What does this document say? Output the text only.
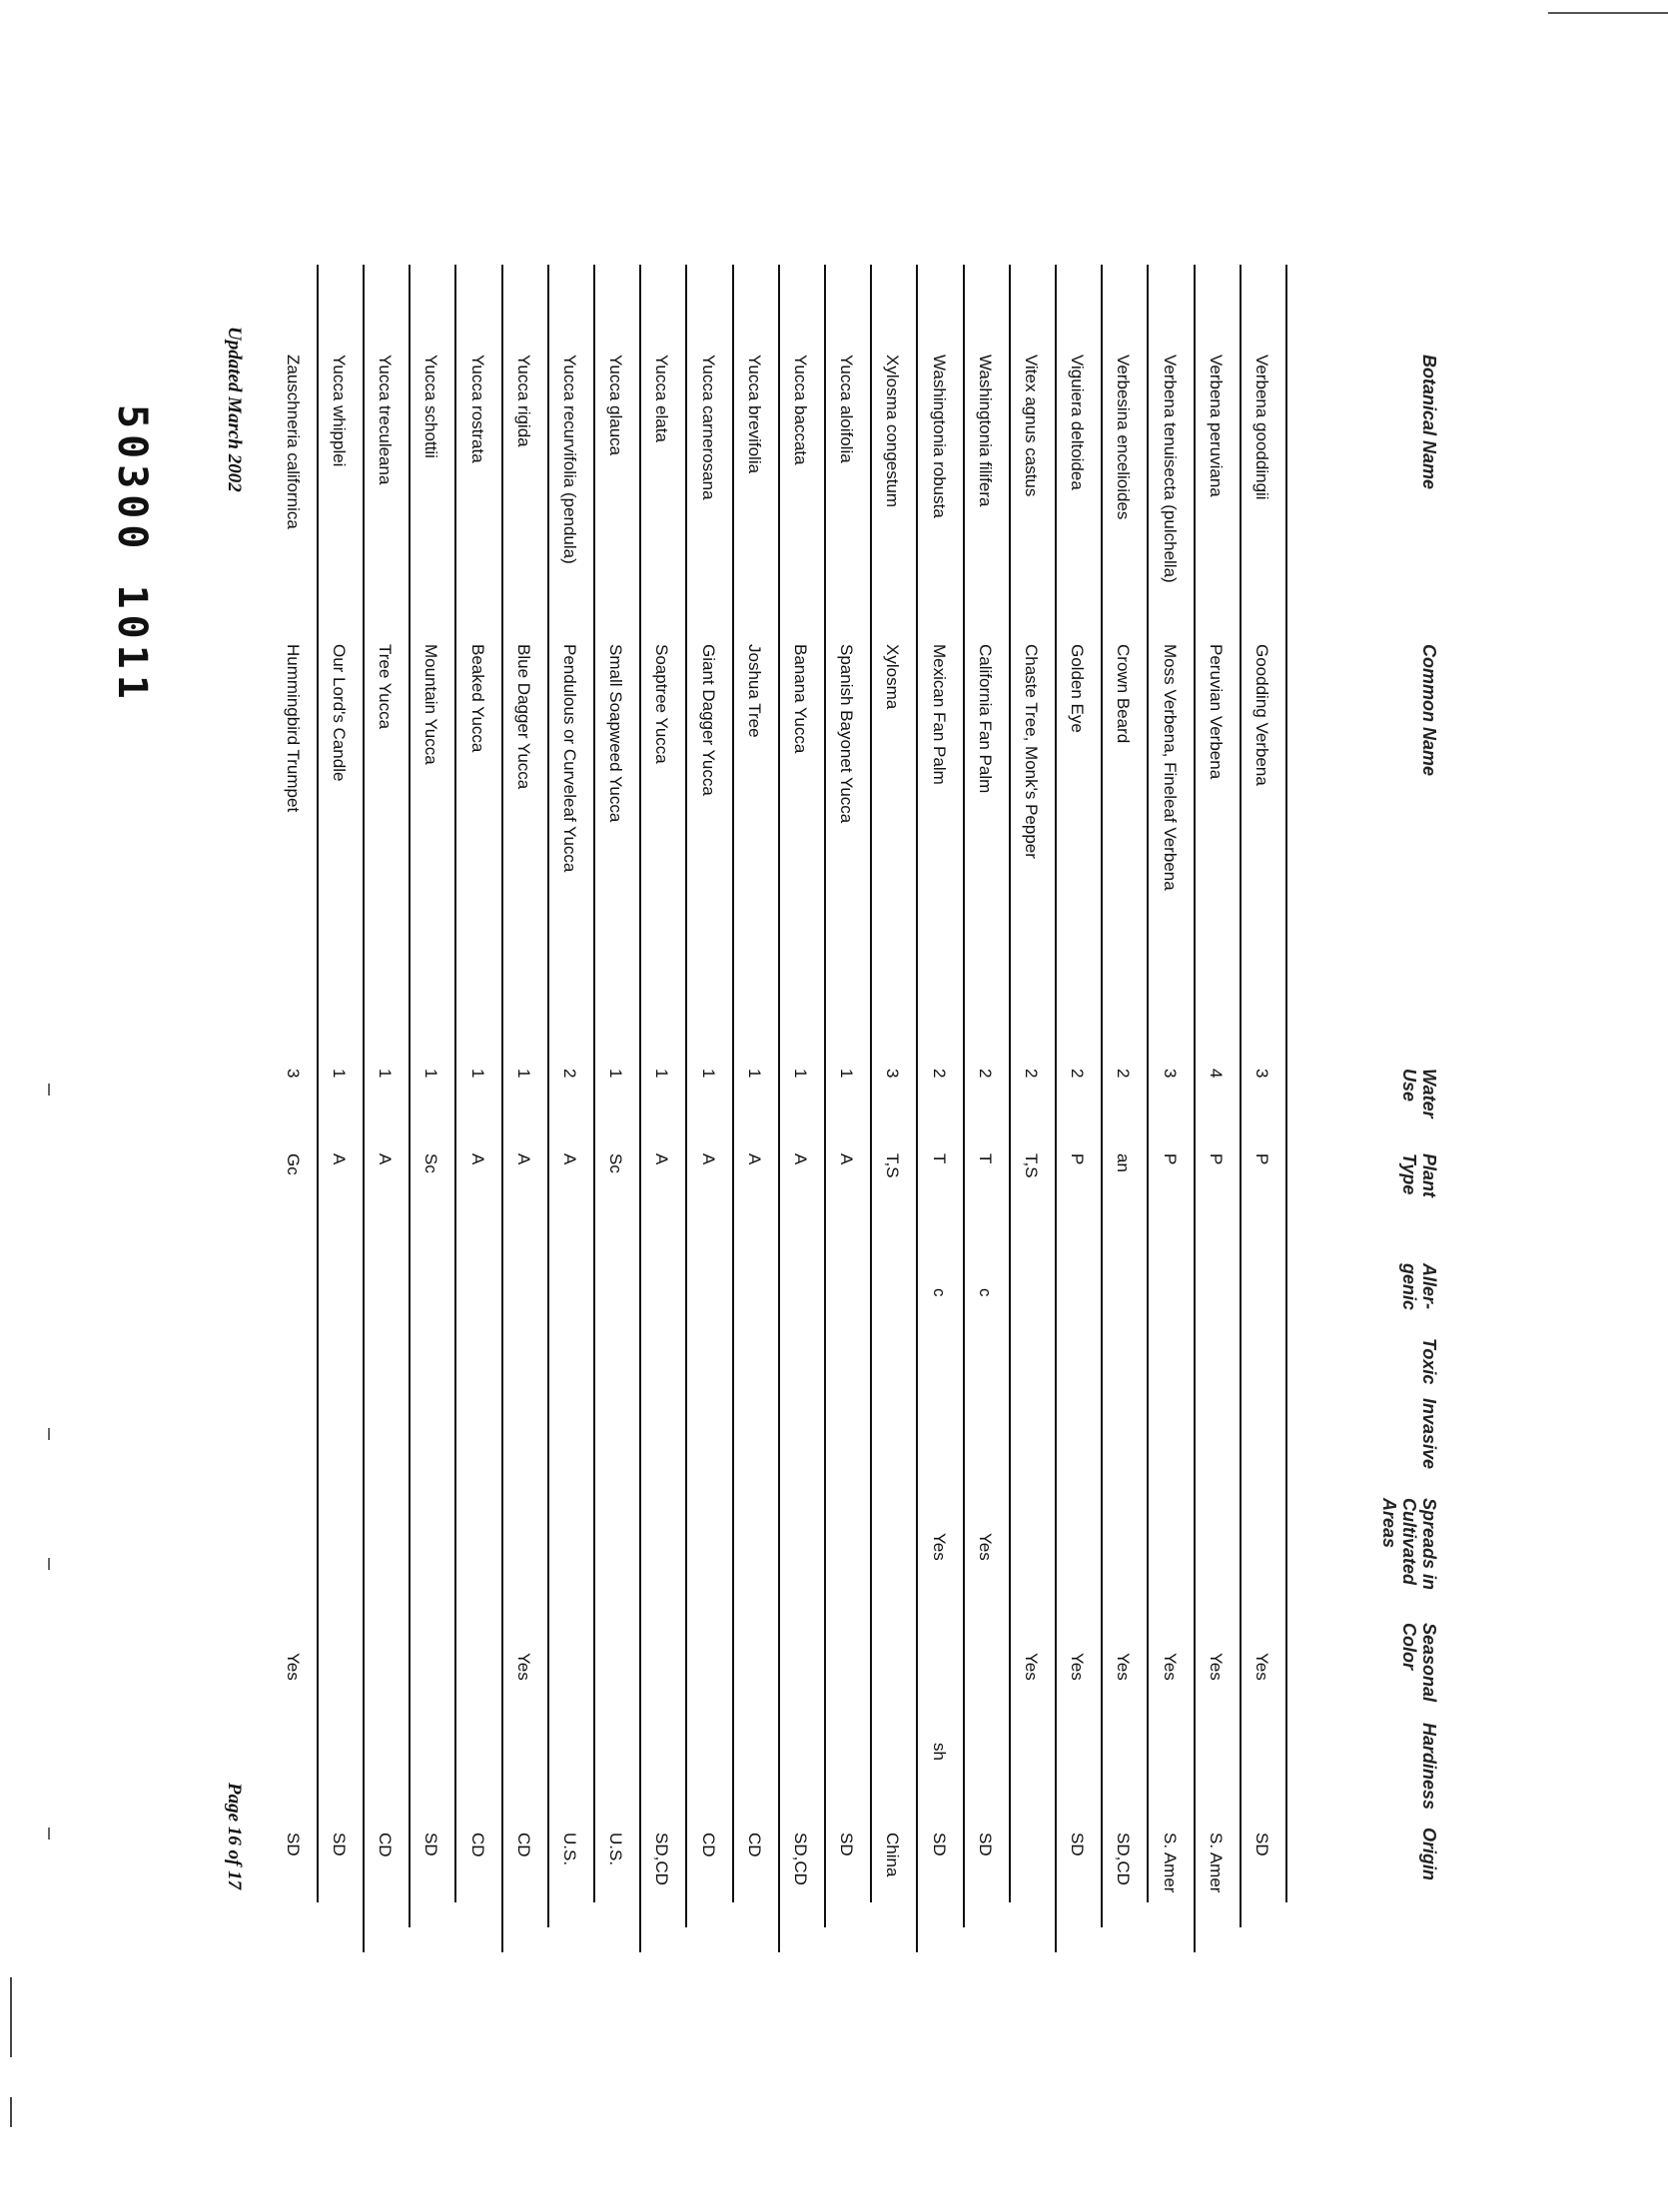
Botanical Name
Common Name
Water Use
Plant Type
Aller- genic
Toxic
Invasive
Spreads in Cultivated Areas
Seasonal Color
Hardiness
Origin
Verbena gooddingii
Goodding Verbena
3
P
Yes
SD
Verbena peruviana
Peruvian Verbena
4
P
Yes
S. Amer
Verbena tenuisecta (pulchella)
Moss Verbena, Fineleaf Verbena
3
P
Yes
S. Amer
Verbesina encelioides
Crown Beard
2
an
Yes
SD,CD
Viguiera deltoidea
Golden Eye
2
P
Yes
SD
Vitex agnus castus
Chaste Tree, Monk's Pepper
2
T,S
Yes
Washingtonia filifera
California Fan Palm
2
T
c
Yes
SD
Washingtonia robusta
Mexican Fan Palm
2
T
c
Yes
sh
SD
Xylosma congestum
Xylosma
3
T,S
China
Yucca aloifolia
Spanish Bayonet Yucca
1
A
SD
Yucca baccata
Banana Yucca
1
A
SD,CD
Yucca brevifolia
Joshua Tree
1
A
CD
Yucca carnerosana
Giant Dagger Yucca
1
A
CD
Yucca elata
Soaptree Yucca
1
A
SD,CD
Yucca glauca
Small Soapweed Yucca
1
Sc
U.S.
Yucca recurvifolia (pendula)
Pendulous or Curveleaf Yucca
2
A
U.S.
Yucca rigida
Blue Dagger Yucca
1
A
Yes
CD
Yucca rostrata
Beaked Yucca
1
A
CD
Yucca schottii
Mountain Yucca
1
Sc
SD
Yucca treculeana
Tree Yucca
1
A
CD
Yucca whipplei
Our Lord's Candle
1
A
SD
Zauschneria californica
Hummingbird Trumpet
3
Gc
Yes
SD
Updated March 2002
Page 16 of 17
50300 1011
